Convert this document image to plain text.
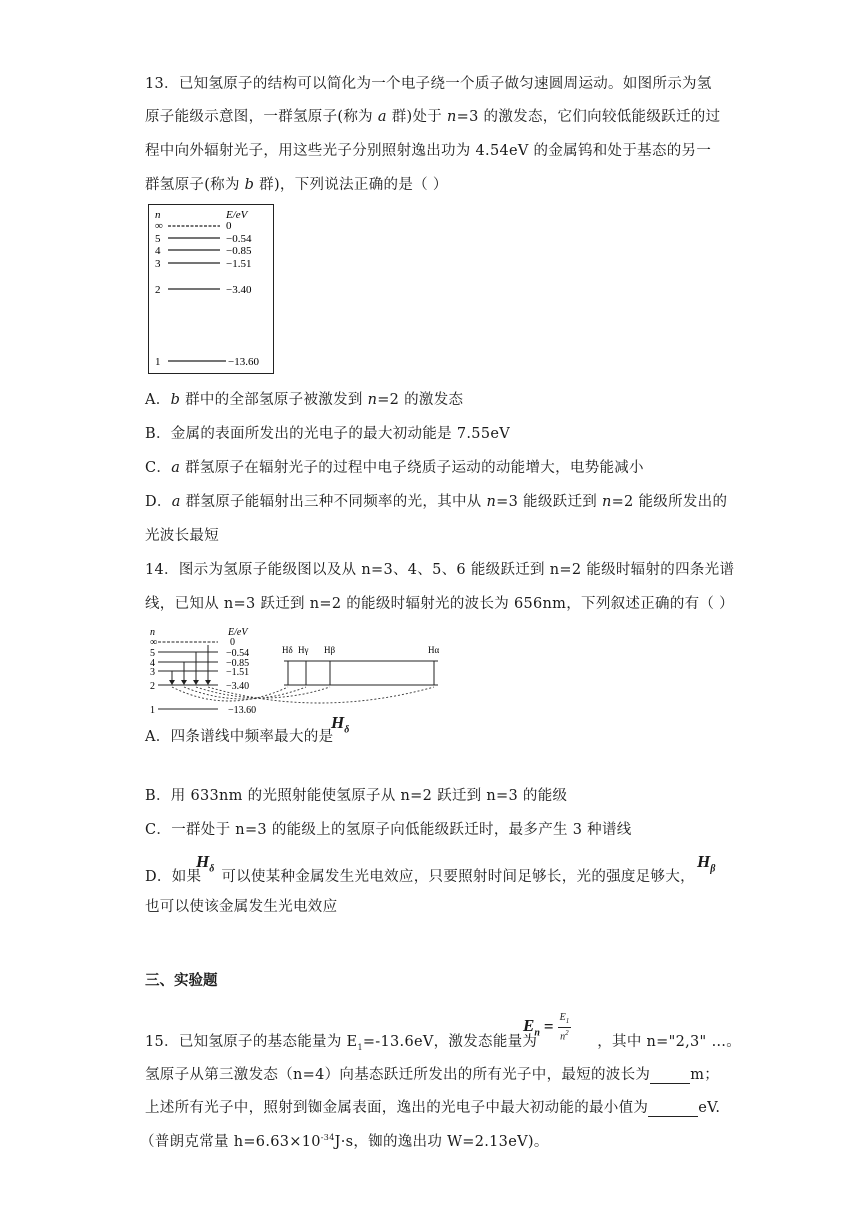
13．已知氢原子的结构可以简化为一个电子绕一个质子做匀速圆周运动。如图所示为氢
原子能级示意图，一群氢原子(称为 a 群)处于 n=3 的激发态，它们向较低能级跃迁的过
程中向外辐射光子，用这些光子分别照射逸出功为 4.54eV 的金属钨和处于基态的另一
群氢原子(称为 b 群)，下列说法正确的是（ ）
n	E/eV
∞	0
5	−0.54
4	−0.85
3	−1.51
2	−3.40
1	−13.60
A．b 群中的全部氢原子被激发到 n=2 的激发态
B．金属的表面所发出的光电子的最大初动能是 7.55eV
C．a 群氢原子在辐射光子的过程中电子绕质子运动的动能增大，电势能减小
D．a 群氢原子能辐射出三种不同频率的光，其中从 n=3 能级跃迁到 n=2 能级所发出的
光波长最短
14．图示为氢原子能级图以及从 n=3、4、5、6 能级跃迁到 n=2 能级时辐射的四条光谱
线，已知从 n=3 跃迁到 n=2 的能级时辐射光的波长为 656nm，下列叙述正确的有（ ）
n	E/eV
∞	0
5	−0.54
4	−0.85
3	−1.51
2	−3.40
1	−13.60
Hδ Hγ Hβ	Hα
A．四条谱线中频率最大的是
$H_\delta$
B．用 633nm 的光照射能使氢原子从 n=2 跃迁到 n=3 的能级
C．一群处于 n=3 的能级上的氢原子向低能级跃迁时，最多产生 3 种谱线
D．如果 可以使某种金属发生光电效应，只要照射时间足够长，光的强度足够大，
$H_\delta$	$H_\beta$
也可以使该金属发生光电效应
三、实验题
$E_n = \frac{E_1}{n^2}$
15．已知氢原子的基态能量为 $E_1=-13.6eV$，激发态能量为	，其中 n="2,3" …。
氢原子从第三激发态（n=4）向基态跃迁所发出的所有光子中，最短的波长为	m；
上述所有光子中，照射到铷金属表面，逸出的光电子中最大初动能的最小值为	eV.
（普朗克常量 $h=6.63\times 10^{-34}J\cdot s$，铷的逸出功 W=2.13eV)。
